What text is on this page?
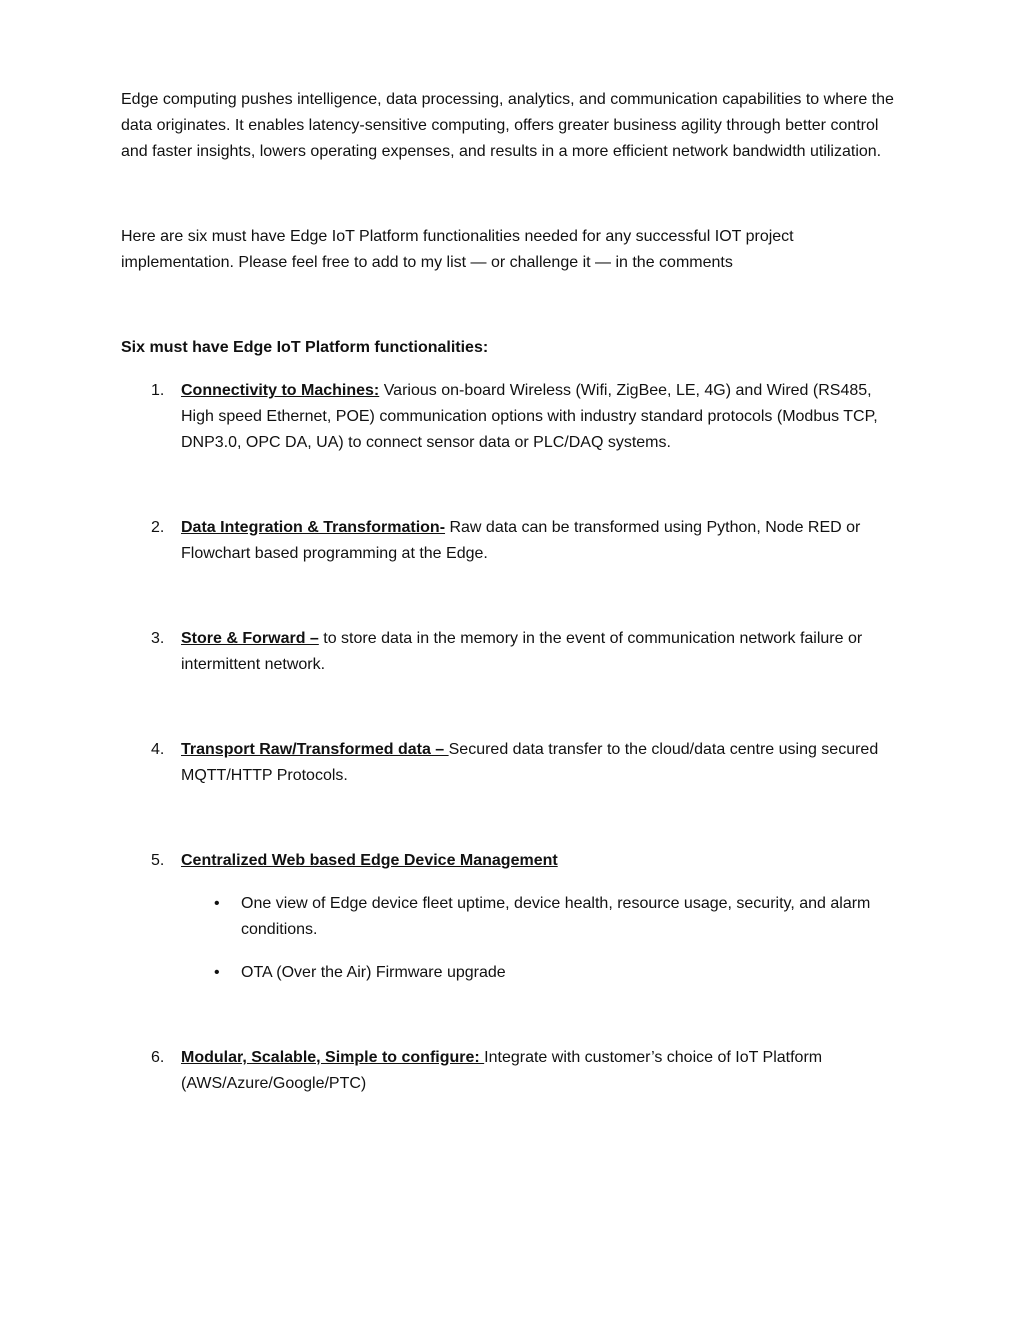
Edge computing pushes intelligence, data processing, analytics, and communication capabilities to where the data originates. It enables latency-sensitive computing, offers greater business agility through better control and faster insights, lowers operating expenses, and results in a more efficient network bandwidth utilization.

Here are six must have Edge IoT Platform functionalities needed for any successful IOT project implementation. Please feel free to add to my list — or challenge it — in the comments

Six must have Edge IoT Platform functionalities:

1. Connectivity to Machines: Various on-board Wireless (Wifi, ZigBee, LE, 4G) and Wired (RS485, High speed Ethernet, POE) communication options with industry standard protocols (Modbus TCP, DNP3.0, OPC DA, UA) to connect sensor data or PLC/DAQ systems.

2. Data Integration & Transformation- Raw data can be transformed using Python, Node RED or Flowchart based programming at the Edge.

3. Store & Forward – to store data in the memory in the event of communication network failure or intermittent network.

4. Transport Raw/Transformed data – Secured data transfer to the cloud/data centre using secured MQTT/HTTP Protocols.

5. Centralized Web based Edge Device Management

• One view of Edge device fleet uptime, device health, resource usage, security, and alarm conditions.

• OTA (Over the Air) Firmware upgrade

6. Modular, Scalable, Simple to configure: Integrate with customer’s choice of IoT Platform (AWS/Azure/Google/PTC)
